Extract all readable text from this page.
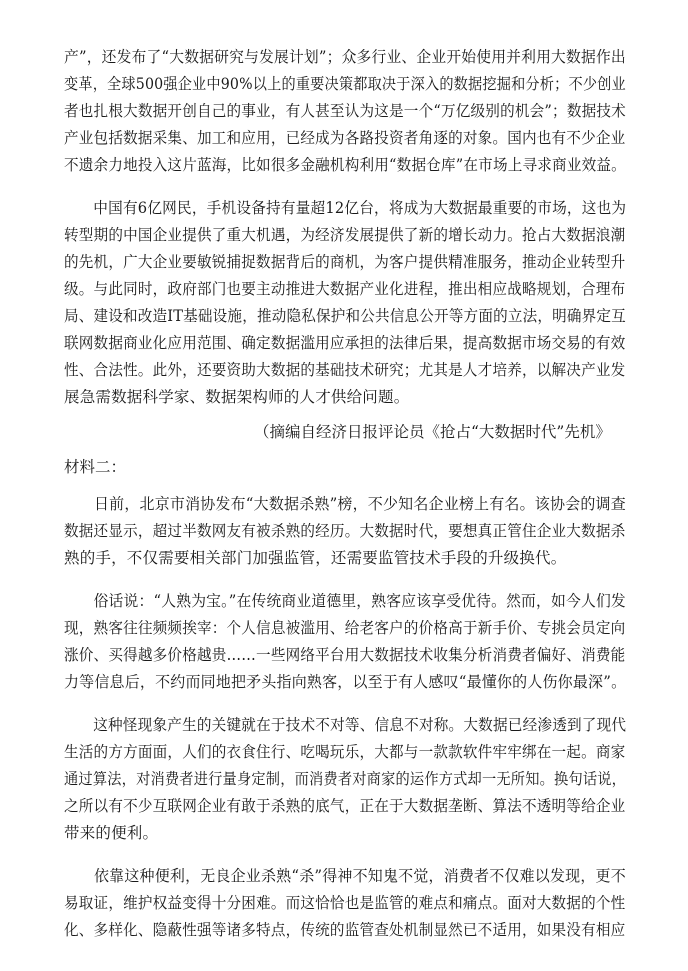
产”，还发布了“大数据研究与发展计划”；众多行业、企业开始使用并利用大数据作出
变革，全球500强企业中90%以上的重要决策都取决于深入的数据挖掘和分析；不少创业
者也扎根大数据开创自己的事业，有人甚至认为这是一个“万亿级别的机会”；数据技术
产业包括数据采集、加工和应用，已经成为各路投资者角逐的对象。国内也有不少企业
不遗余力地投入这片蓝海，比如很多金融机构利用“数据仓库”在市场上寻求商业效益。
中国有6亿网民，手机设备持有量超12亿台，将成为大数据最重要的市场，这也为
转型期的中国企业提供了重大机遇，为经济发展提供了新的增长动力。抢占大数据浪潮
的先机，广大企业要敏锐捕捉数据背后的商机，为客户提供精准服务，推动企业转型升
级。与此同时，政府部门也要主动推进大数据产业化进程，推出相应战略规划，合理布
局、建设和改造IT基础设施，推动隐私保护和公共信息公开等方面的立法，明确界定互
联网数据商业化应用范围、确定数据滥用应承担的法律后果，提高数据市场交易的有效
性、合法性。此外，还要资助大数据的基础技术研究；尤其是人才培养，以解决产业发
展急需数据科学家、数据架构师的人才供给问题。

（摘编自经济日报评论员《抢占“大数据时代”先机》

材料二：

日前，北京市消协发布“大数据杀熟”榜，不少知名企业榜上有名。该协会的调查
数据还显示，超过半数网友有被杀熟的经历。大数据时代，要想真正管住企业大数据杀
熟的手，不仅需要相关部门加强监管，还需要监管技术手段的升级换代。
俗话说：“人熟为宝。”在传统商业道德里，熟客应该享受优待。然而，如今人们发
现，熟客往往频频挨宰：个人信息被滥用、给老客户的价格高于新手价、专挑会员定向
涨价、买得越多价格越贵……一些网络平台用大数据技术收集分析消费者偏好、消费能
力等信息后，不约而同地把矛头指向熟客，以至于有人感叹“最懂你的人伤你最深”。
这种怪现象产生的关键就在于技术不对等、信息不对称。大数据已经渗透到了现代
生活的方方面面，人们的衣食住行、吃喝玩乐，大都与一款款软件牢牢绑在一起。商家
通过算法，对消费者进行量身定制，而消费者对商家的运作方式却一无所知。换句话说，
之所以有不少互联网企业有敢于杀熟的底气，正在于大数据垄断、算法不透明等给企业
带来的便利。
依靠这种便利，无良企业杀熟“杀”得神不知鬼不觉，消费者不仅难以发现，更不
易取证，维护权益变得十分困难。而这恰恰也是监管的难点和痛点。面对大数据的个性
化、多样化、隐蔽性强等诸多特点，传统的监管查处机制显然已不适用，如果没有相应
